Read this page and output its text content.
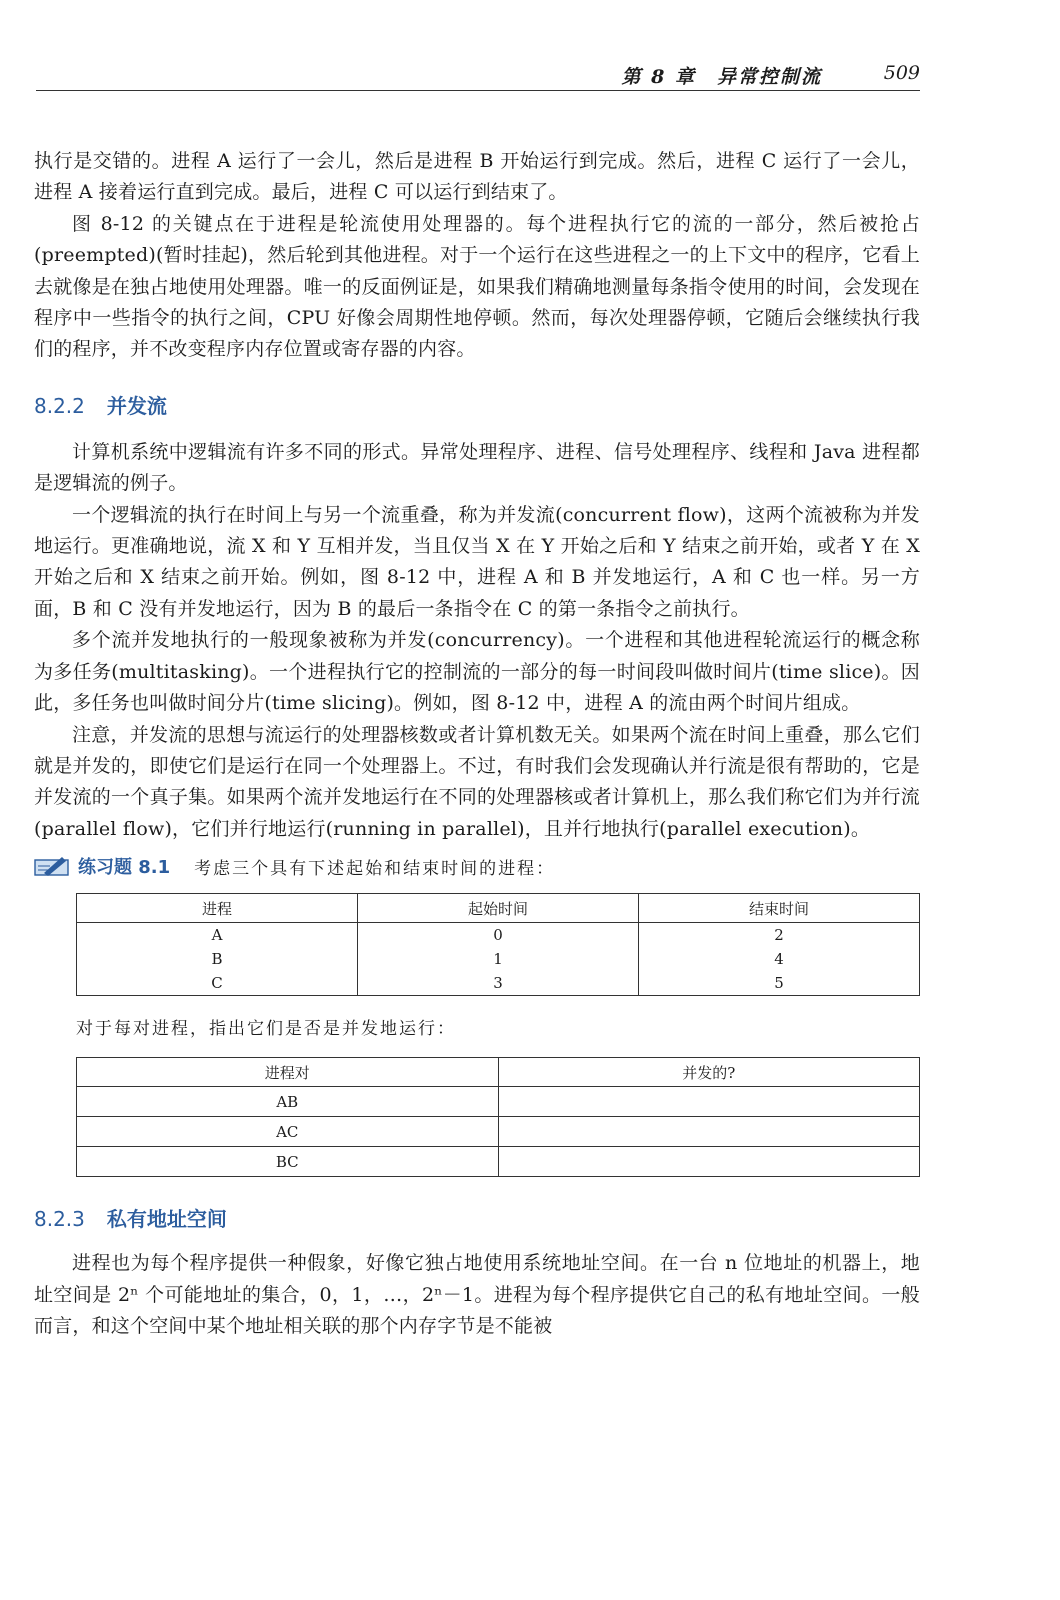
第 8 章　异常控制流	509

执行是交错的。进程 A 运行了一会儿，然后是进程 B 开始运行到完成。然后，进程 C 运行了一会儿，进程 A 接着运行直到完成。最后，进程 C 可以运行到结束了。

图 8-12 的关键点在于进程是轮流使用处理器的。每个进程执行它的流的一部分，然后被抢占(preempted)(暂时挂起)，然后轮到其他进程。对于一个运行在这些进程之一的上下文中的程序，它看上去就像是在独占地使用处理器。唯一的反面例证是，如果我们精确地测量每条指令使用的时间，会发现在程序中一些指令的执行之间，CPU 好像会周期性地停顿。然而，每次处理器停顿，它随后会继续执行我们的程序，并不改变程序内存位置或寄存器的内容。

8.2.2 并发流

计算机系统中逻辑流有许多不同的形式。异常处理程序、进程、信号处理程序、线程和 Java 进程都是逻辑流的例子。

一个逻辑流的执行在时间上与另一个流重叠，称为并发流(concurrent flow)，这两个流被称为并发地运行。更准确地说，流 X 和 Y 互相并发，当且仅当 X 在 Y 开始之后和 Y 结束之前开始，或者 Y 在 X 开始之后和 X 结束之前开始。例如，图 8-12 中，进程 A 和 B 并发地运行，A 和 C 也一样。另一方面，B 和 C 没有并发地运行，因为 B 的最后一条指令在 C 的第一条指令之前执行。

多个流并发地执行的一般现象被称为并发(concurrency)。一个进程和其他进程轮流运行的概念称为多任务(multitasking)。一个进程执行它的控制流的一部分的每一时间段叫做时间片(time slice)。因此，多任务也叫做时间分片(time slicing)。例如，图 8-12 中，进程 A 的流由两个时间片组成。

注意，并发流的思想与流运行的处理器核数或者计算机数无关。如果两个流在时间上重叠，那么它们就是并发的，即使它们是运行在同一个处理器上。不过，有时我们会发现确认并行流是很有帮助的，它是并发流的一个真子集。如果两个流并发地运行在不同的处理器核或者计算机上，那么我们称它们为并行流(parallel flow)，它们并行地运行(running in parallel)，且并行地执行(parallel execution)。

练习题 8.1 考虑三个具有下述起始和结束时间的进程：
进程	起始时间	结束时间
A	0	2
B	1	4
C	3	5
对于每对进程，指出它们是否是并发地运行：
进程对	并发的?
AB	
AC	
BC	
8.2.3 私有地址空间

进程也为每个程序提供一种假象，好像它独占地使用系统地址空间。在一台 n 位地址的机器上，地址空间是 2ⁿ 个可能地址的集合，0，1，…，2ⁿ－1。进程为每个程序提供它自己的私有地址空间。一般而言，和这个空间中某个地址相关联的那个内存字节是不能被
